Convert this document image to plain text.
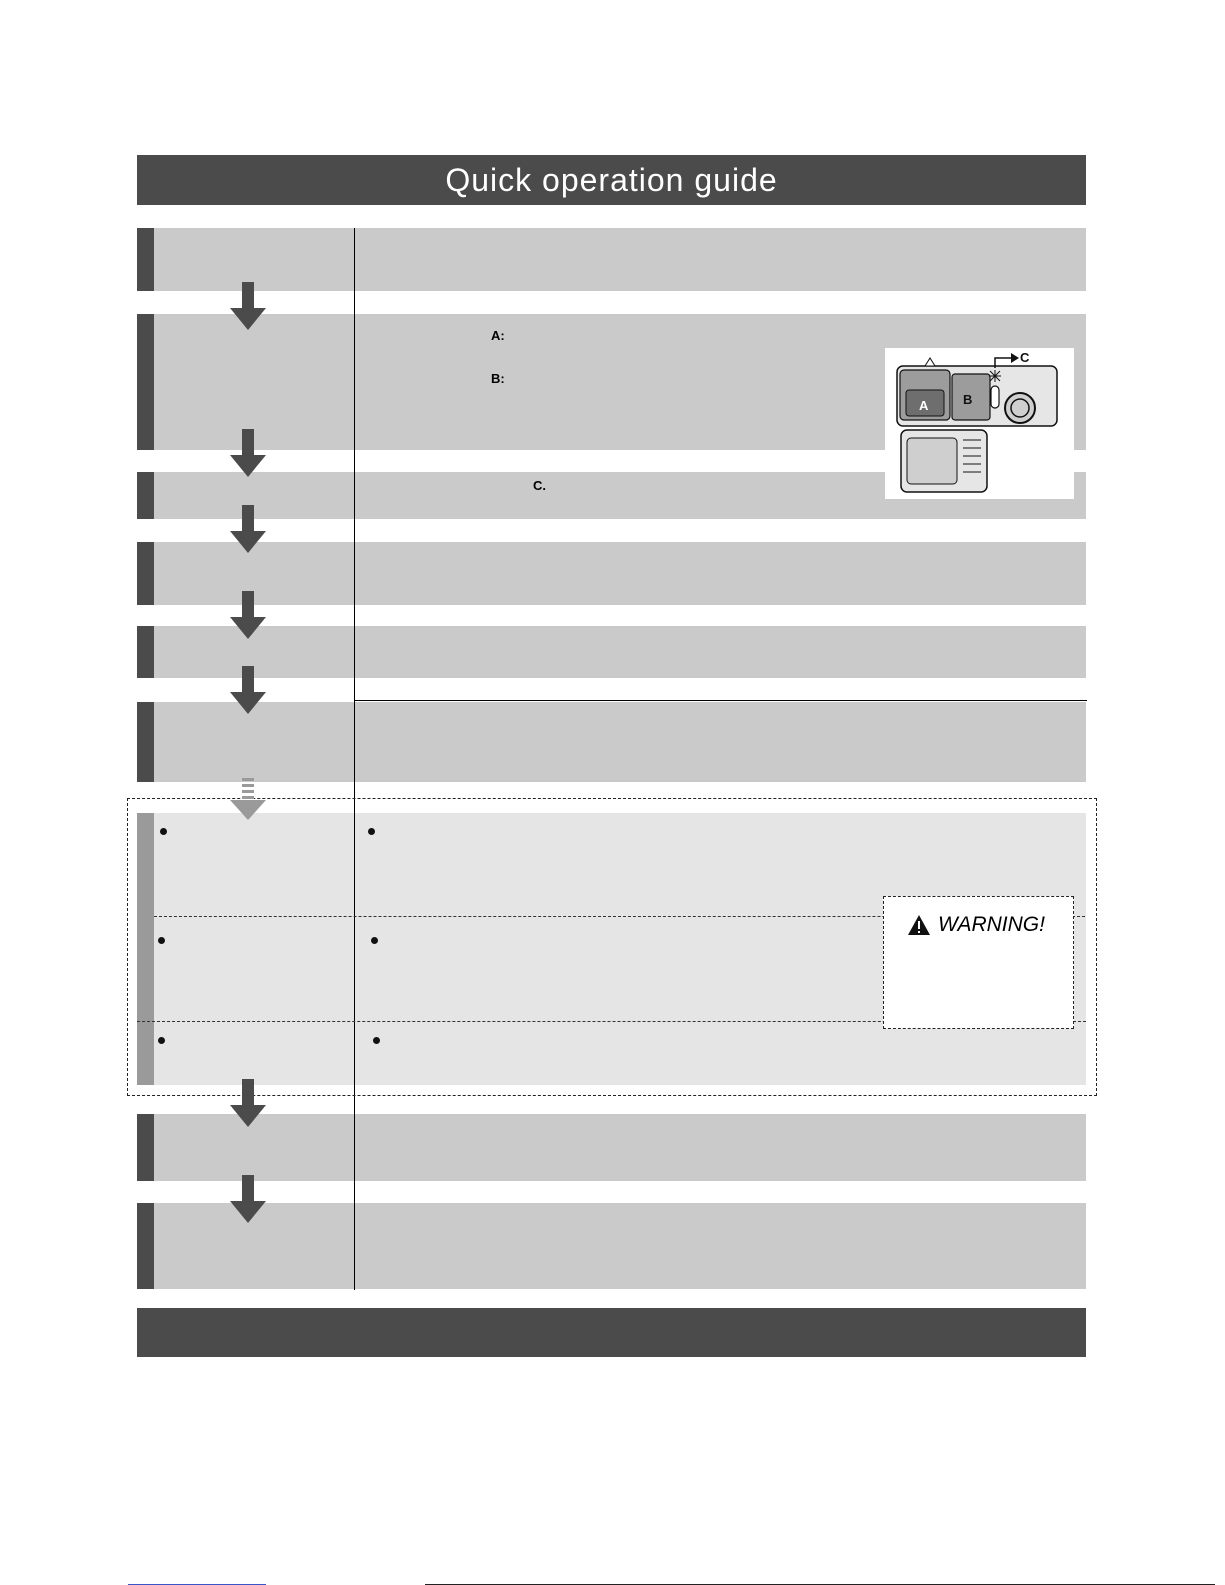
Quick operation guide
A:
B:
C.
A	B
C
WARNING!
